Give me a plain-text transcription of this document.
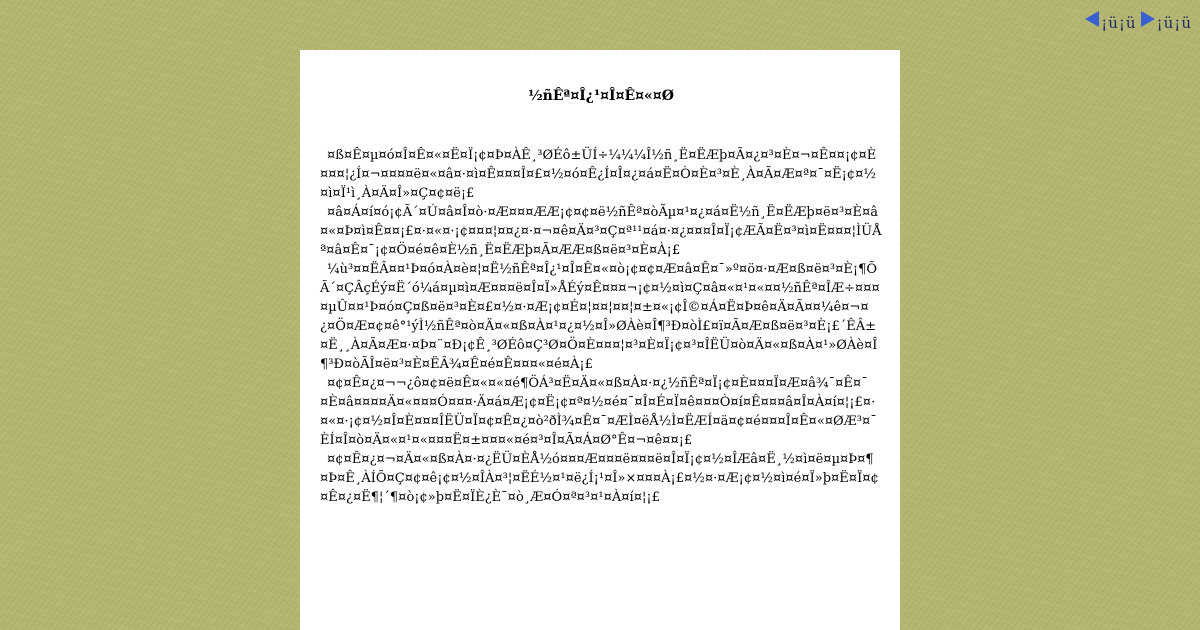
¡ü¡ü ¡ü¡ü
½ñÊª¤Î¿¹¤Î¤Ê¤«¤Ø

¤ß¤Ê¤µ¤ó¤Î¤Ê¤«¤Ë¤Ï¡¢¤Þ¤ÀÊ¸³ØÉô±ÜÍ÷¼¼¼Î½ñ¸Ë¤ËÆþ¤Ã¤¿¤³¤È¤¬¤Ê¤¤¡¢¤È¤¤¤¦¿Í¤¬¤¤¤¤ë¤«¤â¤·¤ì¤Ê¤¤¤Î¤£¤½¤ó¤Ê¿Í¤Î¤¿¤á¤Ë¤Ò¤È¤³¤È¸À¤Ã¤Æ¤ª¤¯¤Ë¡¢¤½¤ì¤Ï¹ì¸À¤Ä¤Î»¤Ç¤¢¤ë¡£

¤â¤Á¤í¤ó¡¢Ã´¤Ú¤â¤Î¤ò·¤Æ¤¤¤ÆÆ¡¢¤¢¤ë½ñÊª¤òÃµ¤¹¤¿¤á¤Ë½ñ¸Ë¤ËÆþ¤ë¤³¤È¤â¤«¤Þ¤ì¤Ê¤¤¡£¤·¤«¤·¡¢¤¤¤¦¤¤¿¤·¤¬¤ê¤Ä¤³¤Ç¤ª¹¹¤á¤·¤¿¤¤¤Î¤Ï¡¢ÆÃ¤Ë¤³¤ì¤Ë¤¤¤¦ÌÜÅª¤â¤Ê¤¯¡¢¤Ö¤é¤ê¤È½ñ¸Ë¤ËÆþ¤Ã¤ÆÆ¤ß¤ë¤³¤È¤À¡£

¼ù³¤¤ËÂ¤¤¹Þ¤ó¤À¤è¤¦¤Ë½ñÊª¤Î¿¹¤Î¤Ê¤«¤ò¡¢¤¢¤Æ¤â¤Ê¤¯»º¤ö¤·¤Æ¤ß¤ë¤³¤È¡¶ÕÃ´¤ÇÂçÉý¤Ë´ó¼á¤µ¤ì¤Æ¤¤¤ë¤Î¤Ï»ÅÉý¤Ê¤¤¤¬¡¢¤½¤ì¤Ç¤â¤«¤¹¤«¤¤½ñÊª¤ÎÆ÷¤¤¤¤µÛ¤¤¹Þ¤ó¤Ç¤ß¤ë¤³¤È¤£¤½¤·¤Æ¡¢¤É¤¦¤¤¦¤¤¦¤±¤«¡¢Î©¤Á¤Ë¤Þ¤ê¤Ä¤Ã¤¤¼ê¤¬¤¿¤Ö¤Æ¤¢¤ê°¹ýÌ½ñÊª¤ò¤Ä¤«¤ß¤À¤¹¤¿¤½¤Î»ØÀè¤Î¶³Ð¤òÌ£¤ï¤Ã¤Æ¤ß¤ë¤³¤È¡£´ÊÂ±¤Ë¸¸À¤Ã¤Æ¤·¤Þ¤¨¤Ð¡¢Ê¸³ØÉô¤Ç³Ø¤Ö¤È¤¤¤¦¤³¤È¤Ï¡¢¤³¤ÎËÜ¤ò¤Ä¤«¤ß¤À¤¹»ØÀè¤Î¶³Ð¤òÃÎ¤ë¤³¤È¤ËÂ¾¤Ê¤é¤Ê¤¤¤«¤é¤À¡£

¤¢¤Ê¤¿¤¬¬¿ô¤¢¤ë¤Ê¤«¤«¤é¶ÖÁ³¤Ë¤Ä¤«¤ß¤À¤·¤¿½ñÊª¤Ï¡¢¤È¤¤¤Ï¤Æ¤â¾¯¤Ê¤¯¤È¤â¤¤¤¤Ä¤«¤¤¤Ó¤¤¤·Ä¤á¤Æ¡¢¤Ë¡¢¤ª¤½¤é¤¯¤Î¤É¤Ï¤ê¤¤¤Ò¤í¤Ê¤¤¤â¤Î¤À¤í¤¦¡£¤·¤«¤·¡¢¤½¤Î¤È¤¤¤ÎËÜ¤Ï¤¢¤Ê¤¿¤ò²ðÌ¾¤Ê¤¯¤ÆÌ¤ëÅ½Ì¤ËÆÍ¤ä¤¢¤é¤¤¤Î¤Ê¤«¤ØÆ³¤¯ÈÍ¤Î¤ò¤Ä¤«¤¹¤«¤¤¤Ë¤±¤¤¤«¤é¤³¤Î¤Ã¤Á¤Ø°Ê¤¬¤ê¤¤¡£

¤¢¤Ê¤¿¤¬¤Ä¤«¤ß¤À¤·¤¿ËÜ¤ÈÅ½ó¤¤¤Æ¤¤¤ë¤¤¤ë¤Î¤Ï¡¢¤½¤ÎÆâ¤Ë¸½¤ì¤ë¤µ¤Þ¤¶¤Þ¤Ê¸ÀÍÕ¤Ç¤¢¤ê¡¢¤½¤ÎÀ¤³¦¤ËÉ½¤¹¤ë¿Í¡¹¤Î»×¤¤¤À¡£¤½¤·¤Æ¡¢¤½¤ì¤é¤Ï»þ¤Ë¤Ï¤¢¤Ê¤¿¤Ë¶¦´¶¤ò¡¢»þ¤Ë¤ÏÈ¿È¯¤ò¸Æ¤Ó¤ª¤³¤¹¤À¤í¤¦¡£
